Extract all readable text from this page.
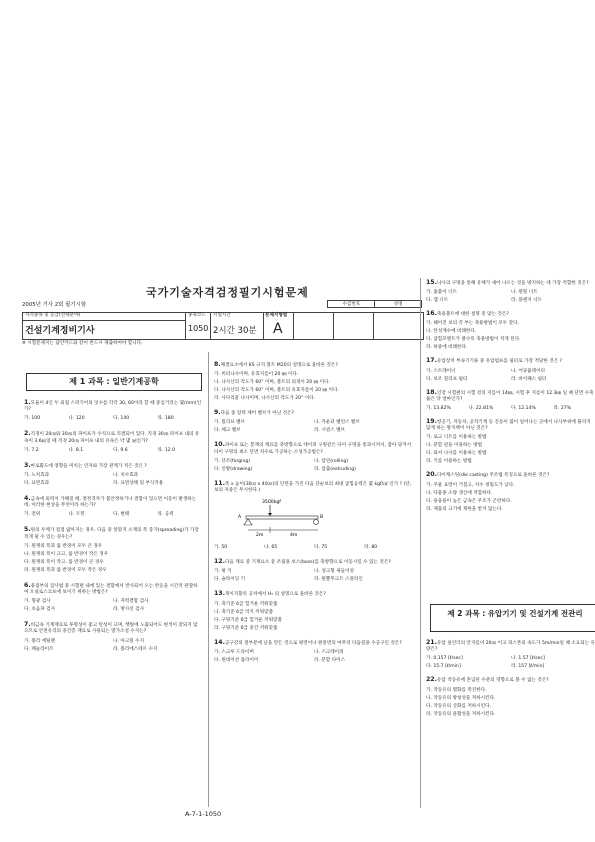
국가기술자격검정필기시험문제
2005년 기사 2회 필기시험
		수검번호	성명
자격종목 및 등급(선택분야)
건설기계정비기사
종목코드
1050
시험시간
2시간 30분
문제지형별
A
※ 시험문제지는 답안카드와 같이 반드시 제출하여야 합니다.
제 1 과목 : 일반기계공학
1.모듈이 4인 두 외접 스퍼기어의 잇수를 각각 30, 60이라 할 때 중심거리는 몇(mm)인가?
가. 100	나. 120	다. 140	라. 180
2.직경이 20㎝와 30㎝의 파이프가 수직으로 직결되어 있다. 직경 30㎝ 파이프 내의 유속이 3.6㎧일 때 직경 20㎝ 파이프 내의 유속은 약 몇 ㎧인가?
가. 7.2	나. 8.1	다. 9.6	라. 12.0
3.마로화도에 영향을 미치는 인자와 가장 관계가 적은 것은 ?
가. 노치효과	나. 치수효과
다. 표면효과	라. 표면상태 및 부식작용
4.금속에 외력이 가해질 때, 결정격자가 불안정하거나 결함이 있으면 이동이 발생하는데, 이러한 현상을 무엇이라 하는가?
가. 전위	나. 트윈	다. 변태	라. 응력
5.원의 두께가 점점 얇아지는 경우, 다음 중 알맞지 소재의 폭 증가(spreading)가 가장 적게 될 수 있는 경우는?
가. 원재의 폭과 롤 반경이 모두 큰 경우
나. 원재의 폭이 크고, 롤 반경이 작은 경우
다. 원재의 폭이 작고, 롤 반경이 큰 경우
라. 원재의 폭과 롤 반경이 모두 작은 경우
6.용접부의 검사법 중 시험편 내에 있는 결함에서 반사되어 오는 반응을 시간적 관찰하여 오실로스코프에 보이기 위하는 방법은?
가. 형광 검사	나. 자력결함 검사
다. 초음파 검사	라. 방사선 검사
7.비금속 기계재료로 투명성이 좋고 탄성이 크며, 햇빛에 노출되어도 변색이 잘되지 않으므로 안전유리의 중간층 재료로 사용되는 열가소성 수지는?
가. 폴리 에틸렌	나. 아크릴 수지
다. 페놀라이트	라. 폴리에스테르 수지
8.체결요소에서 KS 규격 볼트 M20의 설명으로 올바른 것은?
가. 미터나사이며, 유효지름이 20 ㎜ 이다.
나. 나사산의 각도가 60° 이며, 볼트의 외경이 20 ㎜ 이다.
다. 나사산의 각도가 60° 이며, 볼트의 유효지름이 20 ㎜ 이다.
라. 사다리꼴 나사이며, 나사산의 각도가 20° 이다.
9.다음 중 압력 제어 밸브가 아닌 것은?
가. 릴리프 밸브	나. 카운터 밸런스 밸브
다. 체크 밸브	라. 시퀀스 밸브
10.파이프 또는 봉재의 재료를 축방향으로 테이퍼 구멍같은 다이 구멍을 통과시켜서, 잡아 당겨서 다이 구멍의 최소 단면 치수로 가공하는 소성가공법은?
가. 단조(forging)	나. 압연(rolling)
다. 인발(drawing)	라. 압출(extruding)
11.폭 x 높이(30㎝ x 40㎝)의 단면을 가진 다음 단순보의 최대 굽힘응력은 몇 kgf/㎠ 인가 ? (단, 보의 자중은 무시한다.)
3500kgf
A	B
2m	4m
가. 50	나. 65	다. 75	라. 80
12.다음 재료 중 기계요소 중 조립용 보스(boss)를 축방향으로 이동시킬 수 있는 것은?
가. 평 키	나. 성크형 새들이성
다. 슬라이딩 키	라. 원뿔무크트 스플라인
13.게이지블록 공차에서 H₇ 의 설명으로 올바른 것은?
가. 축기준 6급 헐거운 끼워맞춤
나. 축기준 6급 억지 끼워맞춤
다. 구멍기준 6급 헐거운 끼워맞춤
라. 구멍기준 6급 중간 끼워맞춤
14.공구강의 절부분에 날을 만든 것으로 평면이나 원통면의 마무리 다듬질용 수공구인 것은?
가. 스크루 드라이버	나. 스크레이퍼
다. 원네이션 롤라이어	라. 분할 다이스
15.나사의 구멍을 통해 유체가 새어 나오는 것을 방지하는 데 가장 적합한 것은?
가. 홈붙이 너트	나. 원형 너트
다. 캡 너트	라. 플랜지 너트
16.축용볼트에 대한 설명 중 맞는 것은?
가. 헤어진 보의 각 부는 축용방법이 모두 같다.
나. 탄성계수에 비례한다.
다. 굽힘모멘트가 클수록 축용방법이 적게 된다.
라. 하중에 비례한다.
17.유압장치 부속기기류 중 유압펌프를 필터로 가장 적당한 것은 ?
가. 스트레이너	나. 어큐뮬레이터
다. 보조 릴리프 필터	라. 바이패스 필터
18.인장 시험편의 시험 전의 지름이 14㎜, 시험 후 지름이 12.3㎜ 일 때 단면 수축률은 약 얼마인가?
가. 13.82%	나. 22.81%	다. 12.14%	라. 27%
19.항공기, 자동차, 공작기계 등 진동이 많이 일어나는 곳에서 나사부위에 풀리지 않게 하는 방지책이 아닌 것은?
가. 로크 너트를 이용하는 방법
나. 분할 핀을 이용하는 방법
다. 와셔 나사를 이용하는 방법
라. 키를 이용하는 방법
20.다이캐스팅(die casting) 주조법 특징으로 올바른 것은?
가. 주물 표면이 거칠고, 치수 정밀도가 낮다.
나. 다품종 소량 생산에 적합하다.
다. 용융용이 높은 금속은 주조가 곤란하다.
라. 제품의 크기에 제한을 받지 않는다.
제 2 과목 : 유압기기 및 건설기계 전관리
21.유압 실린더의 안지름이 20㎝ 이고 피스톤의 속도가 5m/min일 때 소요되는 유량은?
가. 0.157 [ℓ/sec]	나. 1.57 [ℓ/sec]
다. 15.7 [ℓ/min]	라. 157 [ℓ/min]
22.유압 작동유에 혼입된 수분의 영향으로 볼 수 없는 것은?
가. 작동유의 열화를 촉진한다.
나. 작동유의 방청성을 저하시킨다.
다. 작동유의 산화를 저하시킨다.
라. 작동유의 윤활성을 저하시킨다.
A-7-1-1050
